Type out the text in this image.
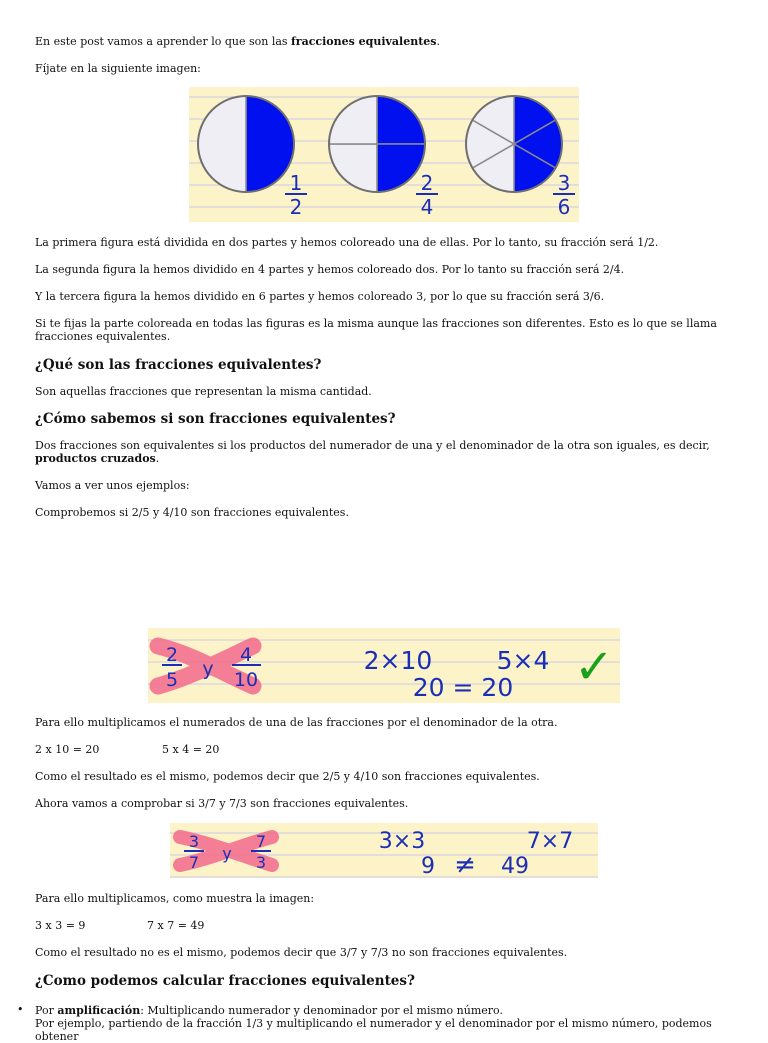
En este post vamos a aprender lo que son las fracciones equivalentes.

Fíjate en la siguiente imagen:

1
2
2
4
3
6

La primera figura está dividida en dos partes y hemos coloreado una de ellas. Por lo tanto, su fracción será 1/2.

La segunda figura la hemos dividido en 4 partes y hemos coloreado dos. Por lo tanto su fracción será 2/4.

Y la tercera figura la hemos dividido en 6 partes y hemos coloreado 3, por lo que su fracción será 3/6.

Si te fijas la parte coloreada en todas las figuras es la misma aunque las fracciones son diferentes. Esto es lo que se llama fracciones equivalentes.

¿Qué son las fracciones equivalentes?

Son aquellas fracciones que representan la misma cantidad.

¿Cómo sabemos si son fracciones equivalentes?

Dos fracciones son equivalentes si los productos del numerador de una y el denominador de la otra son iguales, es decir, productos cruzados.

Vamos a ver unos ejemplos:

Comprobemos si 2/5 y 4/10 son fracciones equivalentes.

2
5 y
4
10
2×10	5×4
20 = 20 ✓

Para ello multiplicamos el numerados de una de las fracciones por el denominador de la otra.

2 x 10 = 20	5 x 4 = 20

Como el resultado es el mismo, podemos decir que 2/5 y 4/10 son fracciones equivalentes.

Ahora vamos a comprobar si 3/7 y 7/3 son fracciones equivalentes.

3
7 y
7
3
3×3	7×7
9 ≠ 49

Para ello multiplicamos, como muestra la imagen:

3 x 3 = 9	7 x 7 = 49

Como el resultado no es el mismo, podemos decir que 3/7 y 7/3 no son fracciones equivalentes.

¿Como podemos calcular fracciones equivalentes?
• Por amplificación: Multiplicando numerador y denominador por el mismo número.

Por ejemplo, partiendo de la fracción 1/3 y multiplicando el numerador y el denominador por el mismo número, podemos obtener
